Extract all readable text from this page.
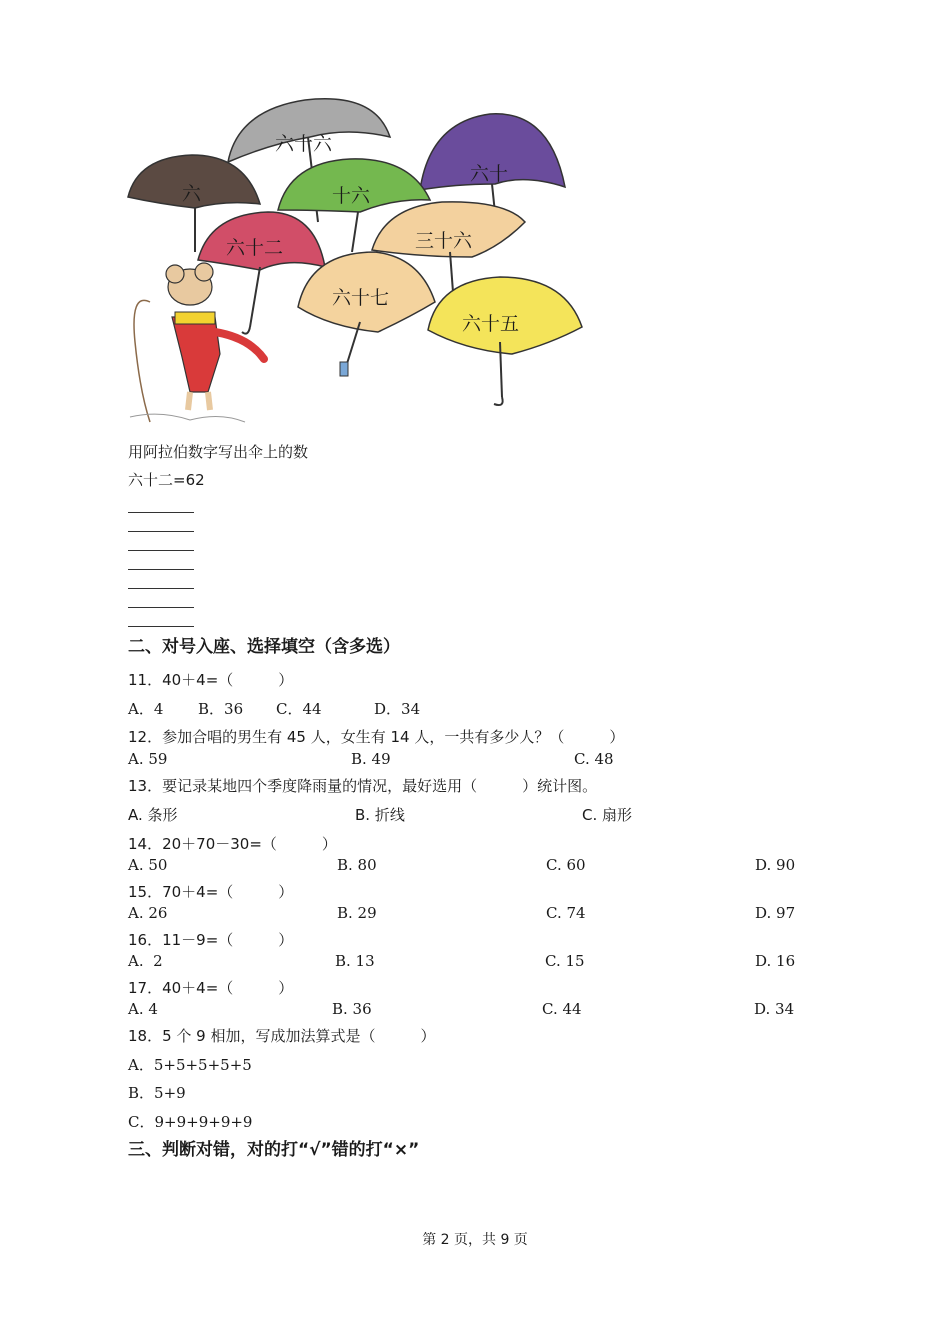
六十六
六十
六	十六
六十二	三十六
六十七
六十五
用阿拉伯数字写出伞上的数
六十二=62
二、对号入座、选择填空（含多选）
11．40＋4=（　　　）
A．4 B．36 C．44	D．34
12．参加合唱的男生有 45 人，女生有 14 人，一共有多少人？（　　　）
A. 59	B. 49	C. 48
13．要记录某地四个季度降雨量的情况，最好选用（　　　）统计图。
A. 条形	B. 折线	C. 扇形
14．20＋70－30=（　　　）
A. 50	B. 80	C. 60	D. 90
15．70＋4=（　　　）
A. 26	B. 29	C. 74	D. 97
16．11－9=（　　　）
A.  2	B. 13	C. 15	D. 16
17．40＋4=（　　　）
A. 4	B. 36	C. 44	D. 34
18．5 个 9 相加，写成加法算式是（　　　）
A．5+5+5+5+5
B．5+9
C．9+9+9+9+9
三、判断对错，对的打“√”错的打“×”
第 2 页，共 9 页
